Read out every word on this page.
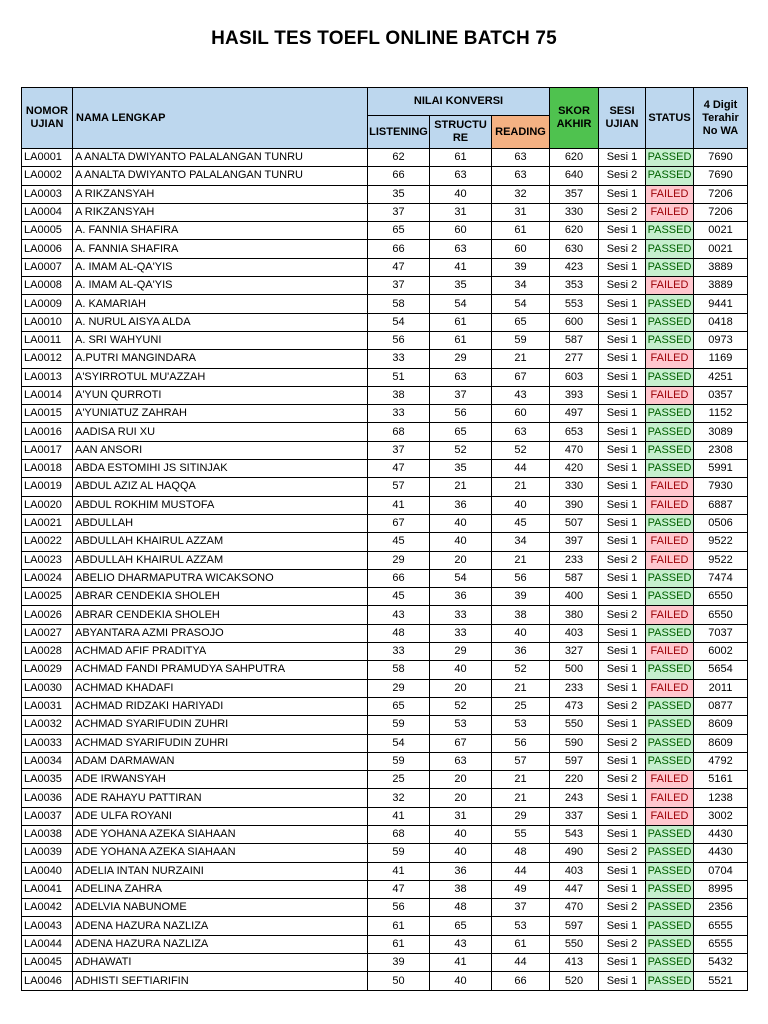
HASIL TES TOEFL ONLINE BATCH 75
NOMOR UJIAN	NAMA LENGKAP	NILAI KONVERSI			SKOR AKHIR	SESI UJIAN	STATUS	4 Digit Terahir No WA
		LISTENING	STRUCTU RE	READING				
LA0001	A ANALTA DWIYANTO PALALANGAN TUNRU	62	61	63	620	Sesi 1	PASSED	7690
LA0002	A ANALTA DWIYANTO PALALANGAN TUNRU	66	63	63	640	Sesi 2	PASSED	7690
LA0003	A RIKZANSYAH	35	40	32	357	Sesi 1	FAILED	7206
LA0004	A RIKZANSYAH	37	31	31	330	Sesi 2	FAILED	7206
LA0005	A. FANNIA SHAFIRA	65	60	61	620	Sesi 1	PASSED	0021
LA0006	A. FANNIA SHAFIRA	66	63	60	630	Sesi 2	PASSED	0021
LA0007	A. IMAM AL-QA'YIS	47	41	39	423	Sesi 1	PASSED	3889
LA0008	A. IMAM AL-QA'YIS	37	35	34	353	Sesi 2	FAILED	3889
LA0009	A. KAMARIAH	58	54	54	553	Sesi 1	PASSED	9441
LA0010	A. NURUL AISYA ALDA	54	61	65	600	Sesi 1	PASSED	0418
LA0011	A. SRI WAHYUNI	56	61	59	587	Sesi 1	PASSED	0973
LA0012	A.PUTRI MANGINDARA	33	29	21	277	Sesi 1	FAILED	1169
LA0013	A'SYIRROTUL MU'AZZAH	51	63	67	603	Sesi 1	PASSED	4251
LA0014	A'YUN QURROTI	38	37	43	393	Sesi 1	FAILED	0357
LA0015	A'YUNIATUZ ZAHRAH	33	56	60	497	Sesi 1	PASSED	1152
LA0016	AADISA RUI XU	68	65	63	653	Sesi 1	PASSED	3089
LA0017	AAN ANSORI	37	52	52	470	Sesi 1	PASSED	2308
LA0018	ABDA ESTOMIHI JS SITINJAK	47	35	44	420	Sesi 1	PASSED	5991
LA0019	ABDUL AZIZ AL HAQQA	57	21	21	330	Sesi 1	FAILED	7930
LA0020	ABDUL ROKHIM MUSTOFA	41	36	40	390	Sesi 1	FAILED	6887
LA0021	ABDULLAH	67	40	45	507	Sesi 1	PASSED	0506
LA0022	ABDULLAH KHAIRUL AZZAM	45	40	34	397	Sesi 1	FAILED	9522
LA0023	ABDULLAH KHAIRUL AZZAM	29	20	21	233	Sesi 2	FAILED	9522
LA0024	ABELIO DHARMAPUTRA WICAKSONO	66	54	56	587	Sesi 1	PASSED	7474
LA0025	ABRAR CENDEKIA SHOLEH	45	36	39	400	Sesi 1	PASSED	6550
LA0026	ABRAR CENDEKIA SHOLEH	43	33	38	380	Sesi 2	FAILED	6550
LA0027	ABYANTARA AZMI PRASOJO	48	33	40	403	Sesi 1	PASSED	7037
LA0028	ACHMAD AFIF PRADITYA	33	29	36	327	Sesi 1	FAILED	6002
LA0029	ACHMAD FANDI PRAMUDYA SAHPUTRA	58	40	52	500	Sesi 1	PASSED	5654
LA0030	ACHMAD KHADAFI	29	20	21	233	Sesi 1	FAILED	2011
LA0031	ACHMAD RIDZAKI HARIYADI	65	52	25	473	Sesi 2	PASSED	0877
LA0032	ACHMAD SYARIFUDIN ZUHRI	59	53	53	550	Sesi 1	PASSED	8609
LA0033	ACHMAD SYARIFUDIN ZUHRI	54	67	56	590	Sesi 2	PASSED	8609
LA0034	ADAM DARMAWAN	59	63	57	597	Sesi 1	PASSED	4792
LA0035	ADE IRWANSYAH	25	20	21	220	Sesi 2	FAILED	5161
LA0036	ADE RAHAYU PATTIRAN	32	20	21	243	Sesi 1	FAILED	1238
LA0037	ADE ULFA ROYANI	41	31	29	337	Sesi 1	FAILED	3002
LA0038	ADE YOHANA AZEKA SIAHAAN	68	40	55	543	Sesi 1	PASSED	4430
LA0039	ADE YOHANA AZEKA SIAHAAN	59	40	48	490	Sesi 2	PASSED	4430
LA0040	ADELIA INTAN NURZAINI	41	36	44	403	Sesi 1	PASSED	0704
LA0041	ADELINA ZAHRA	47	38	49	447	Sesi 1	PASSED	8995
LA0042	ADELVIA NABUNOME	56	48	37	470	Sesi 2	PASSED	2356
LA0043	ADENA HAZURA NAZLIZA	61	65	53	597	Sesi 1	PASSED	6555
LA0044	ADENA HAZURA NAZLIZA	61	43	61	550	Sesi 2	PASSED	6555
LA0045	ADHAWATI	39	41	44	413	Sesi 1	PASSED	5432
LA0046	ADHISTI SEFTIARIFIN	50	40	66	520	Sesi 1	PASSED	5521
